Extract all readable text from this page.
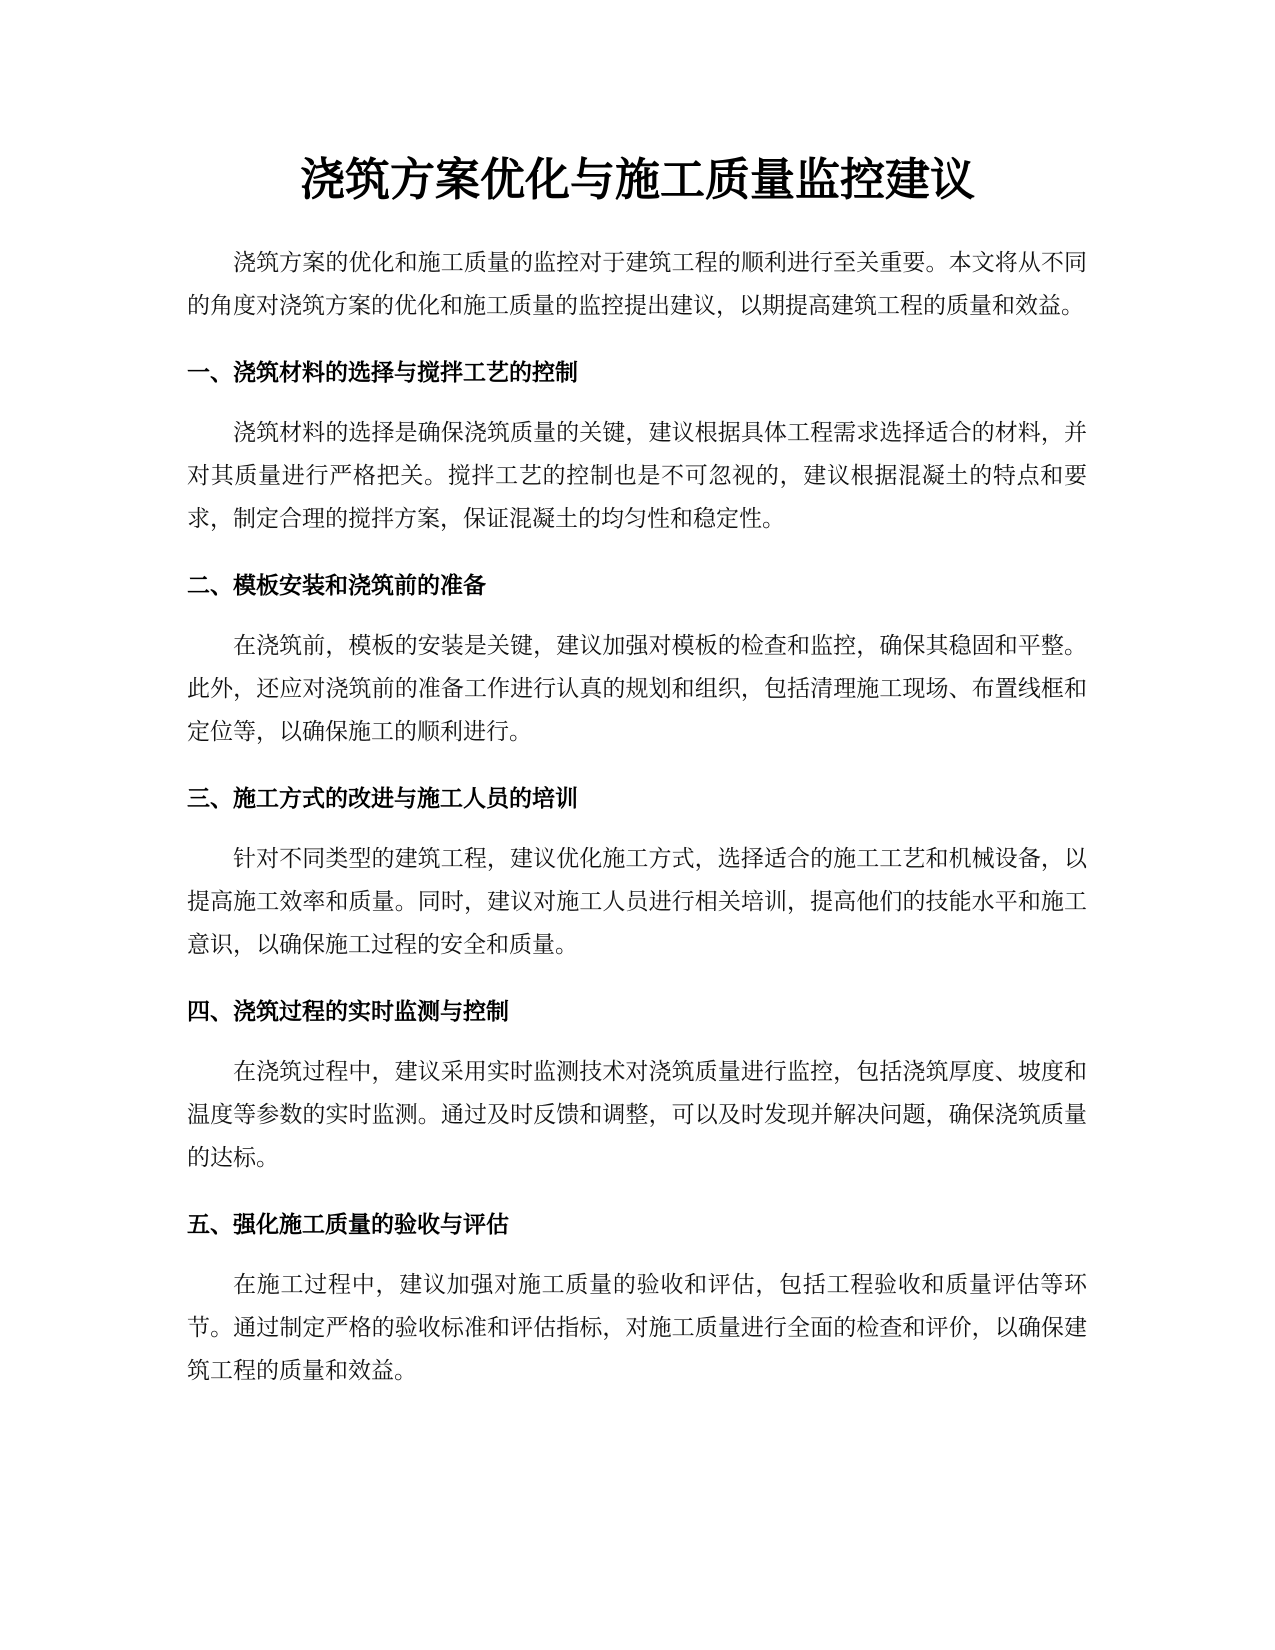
浇筑方案优化与施工质量监控建议

浇筑方案的优化和施工质量的监控对于建筑工程的顺利进行至关重要。本文将从不同的角度对浇筑方案的优化和施工质量的监控提出建议，以期提高建筑工程的质量和效益。

一、浇筑材料的选择与搅拌工艺的控制

浇筑材料的选择是确保浇筑质量的关键，建议根据具体工程需求选择适合的材料，并对其质量进行严格把关。搅拌工艺的控制也是不可忽视的，建议根据混凝土的特点和要求，制定合理的搅拌方案，保证混凝土的均匀性和稳定性。

二、模板安装和浇筑前的准备

在浇筑前，模板的安装是关键，建议加强对模板的检查和监控，确保其稳固和平整。此外，还应对浇筑前的准备工作进行认真的规划和组织，包括清理施工现场、布置线框和定位等，以确保施工的顺利进行。

三、施工方式的改进与施工人员的培训

针对不同类型的建筑工程，建议优化施工方式，选择适合的施工工艺和机械设备，以提高施工效率和质量。同时，建议对施工人员进行相关培训，提高他们的技能水平和施工意识，以确保施工过程的安全和质量。

四、浇筑过程的实时监测与控制

在浇筑过程中，建议采用实时监测技术对浇筑质量进行监控，包括浇筑厚度、坡度和温度等参数的实时监测。通过及时反馈和调整，可以及时发现并解决问题，确保浇筑质量的达标。

五、强化施工质量的验收与评估

在施工过程中，建议加强对施工质量的验收和评估，包括工程验收和质量评估等环节。通过制定严格的验收标准和评估指标，对施工质量进行全面的检查和评价，以确保建筑工程的质量和效益。
